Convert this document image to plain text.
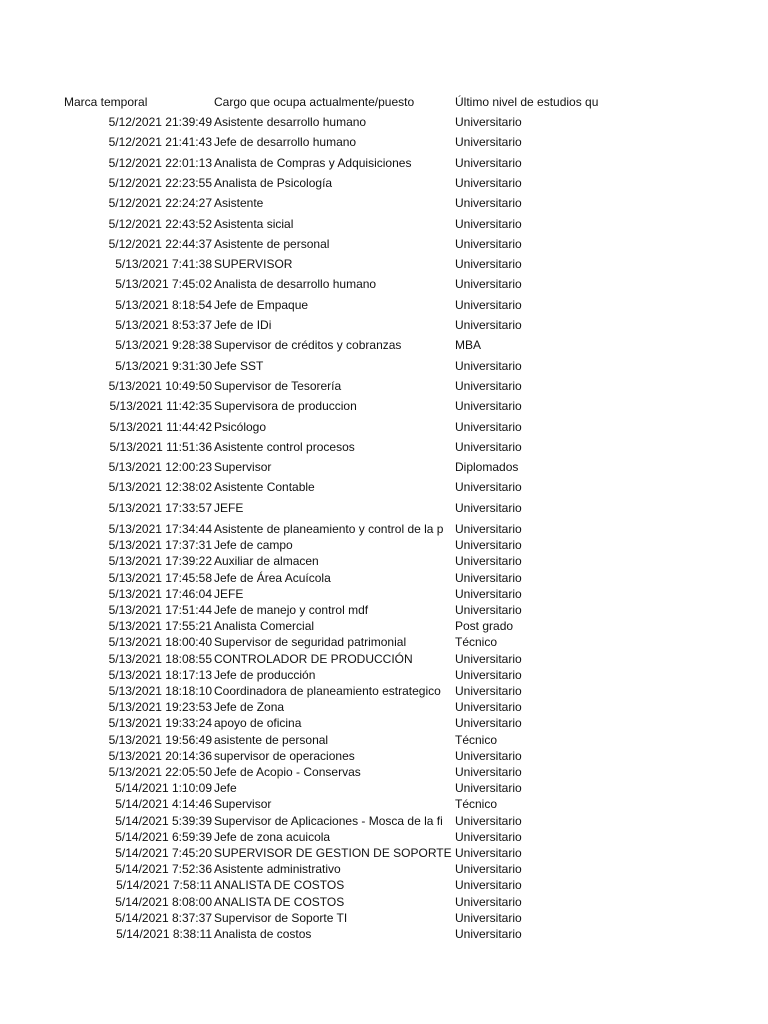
Marca temporal	Cargo que ocupa actualmente/puesto	Último nivel de estudios qu
5/12/2021 21:39:49 Asistente desarrollo humano	Universitario
5/12/2021 21:41:43 Jefe de desarrollo humano	Universitario
5/12/2021 22:01:13 Analista de Compras y Adquisiciones	Universitario
5/12/2021 22:23:55 Analista de Psicología	Universitario
5/12/2021 22:24:27 Asistente	Universitario
5/12/2021 22:43:52 Asistenta sicial	Universitario
5/12/2021 22:44:37 Asistente de personal	Universitario
5/13/2021 7:41:38 SUPERVISOR	Universitario
5/13/2021 7:45:02 Analista de desarrollo humano	Universitario
5/13/2021 8:18:54 Jefe de Empaque	Universitario
5/13/2021 8:53:37 Jefe de IDi	Universitario
5/13/2021 9:28:38 Supervisor de créditos y cobranzas	MBA
5/13/2021 9:31:30 Jefe SST	Universitario
5/13/2021 10:49:50 Supervisor de Tesorería	Universitario
5/13/2021 11:42:35 Supervisora de produccion	Universitario
5/13/2021 11:44:42 Psicólogo	Universitario
5/13/2021 11:51:36 Asistente control procesos	Universitario
5/13/2021 12:00:23 Supervisor	Diplomados
5/13/2021 12:38:02 Asistente Contable	Universitario
5/13/2021 17:33:57 JEFE	Universitario
5/13/2021 17:34:44 Asistente de planeamiento y control de la p Universitario
5/13/2021 17:37:31 Jefe de campo	Universitario
5/13/2021 17:39:22 Auxiliar de almacen	Universitario
5/13/2021 17:45:58 Jefe de Área Acuícola	Universitario
5/13/2021 17:46:04 JEFE	Universitario
5/13/2021 17:51:44 Jefe de manejo y control mdf	Universitario
5/13/2021 17:55:21 Analista Comercial	Post grado
5/13/2021 18:00:40 Supervisor de seguridad patrimonial	Técnico
5/13/2021 18:08:55 CONTROLADOR DE PRODUCCIÓN	Universitario
5/13/2021 18:17:13 Jefe de producción	Universitario
5/13/2021 18:18:10 Coordinadora de planeamiento estrategico	Universitario
5/13/2021 19:23:53 Jefe de Zona	Universitario
5/13/2021 19:33:24 apoyo de oficina	Universitario
5/13/2021 19:56:49 asistente de personal	Técnico
5/13/2021 20:14:36 supervisor de operaciones	Universitario
5/13/2021 22:05:50 Jefe de Acopio - Conservas	Universitario
5/14/2021 1:10:09 Jefe	Universitario
5/14/2021 4:14:46 Supervisor	Técnico
5/14/2021 5:39:39 Supervisor de Aplicaciones - Mosca de la fi	Universitario
5/14/2021 6:59:39 Jefe de zona acuicola	Universitario
5/14/2021 7:45:20 SUPERVISOR DE GESTION DE SOPORTE Universitario
5/14/2021 7:52:36 Asistente administrativo	Universitario
5/14/2021 7:58:11 ANALISTA DE COSTOS	Universitario
5/14/2021 8:08:00 ANALISTA DE COSTOS	Universitario
5/14/2021 8:37:37 Supervisor de Soporte TI	Universitario
5/14/2021 8:38:11 Analista de costos	Universitario
